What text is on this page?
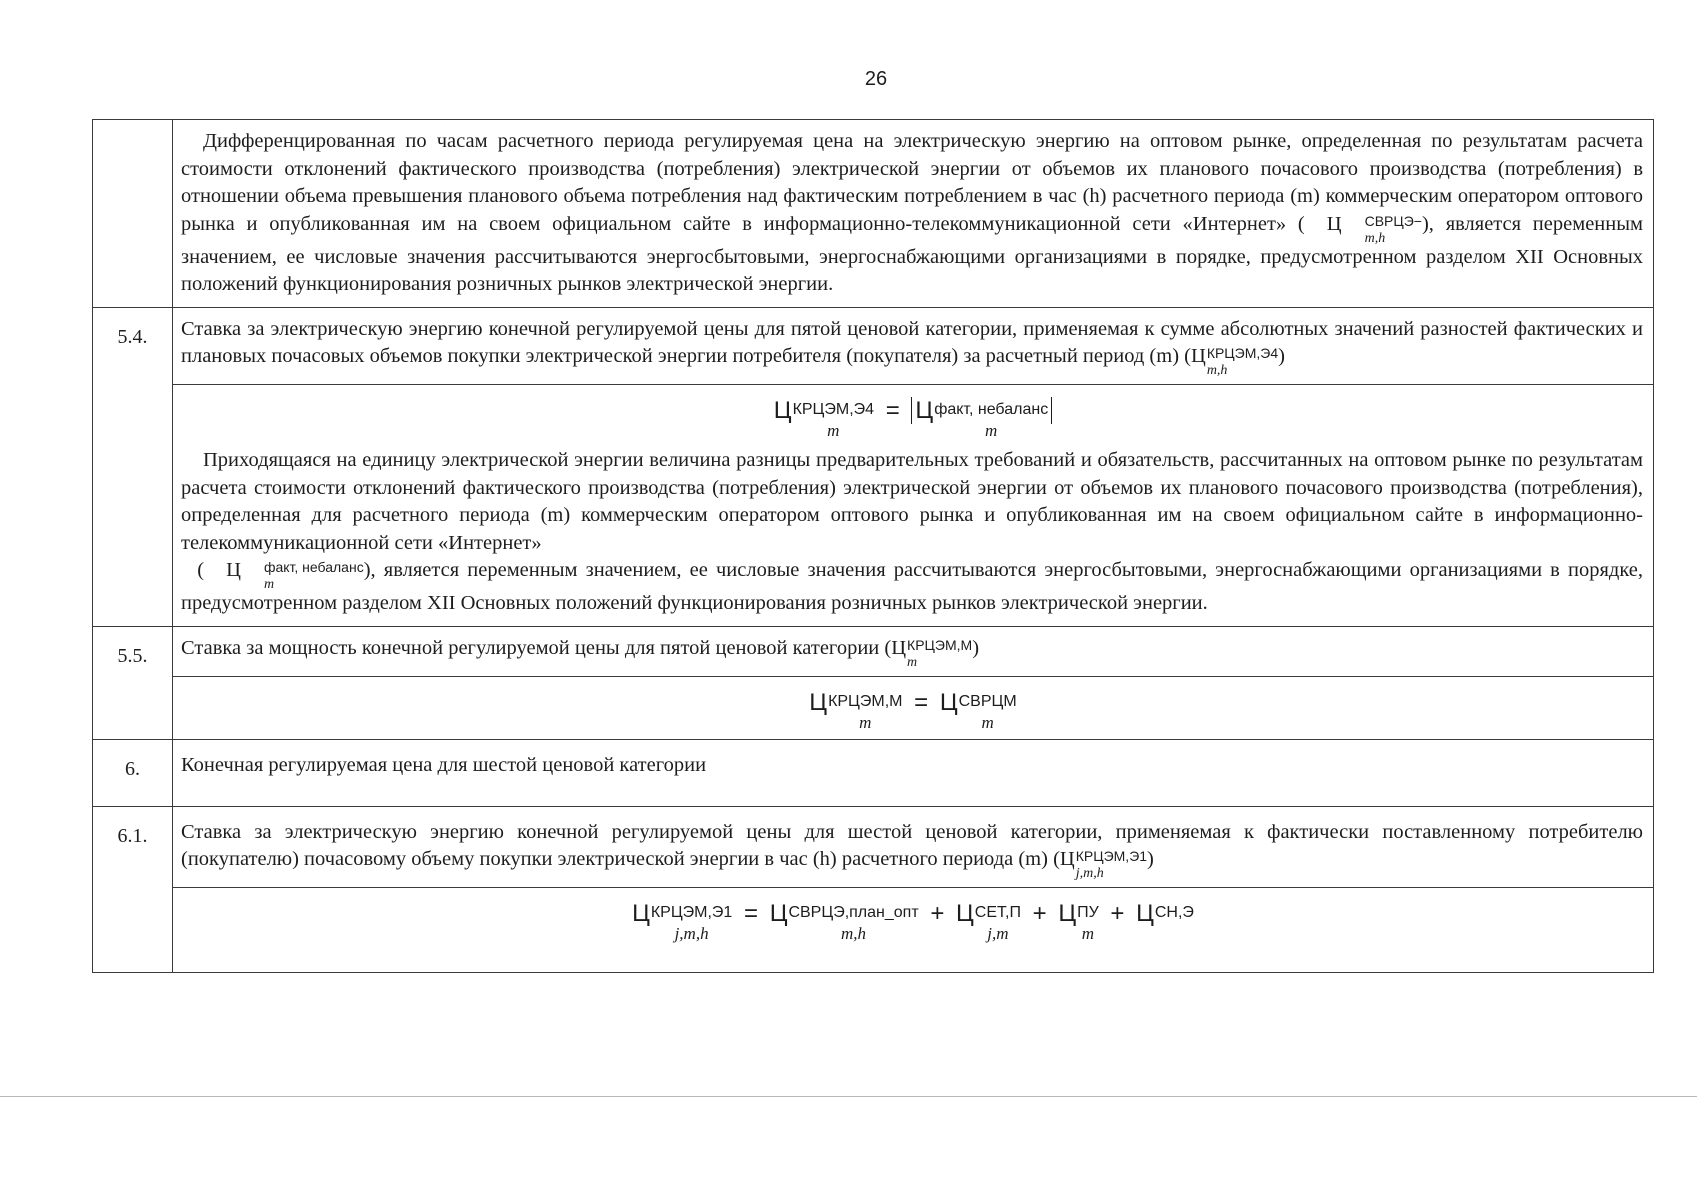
26
Дифференцированная по часам расчетного периода регулируемая цена на электрическую энергию на оптовом рынке, определенная по результатам расчета стоимости отклонений фактического производства (потребления) электрической энергии от объемов их планового почасового производства (потребления) в отношении объема превышения планового объема потребления над фактическим потреблением в час (h) расчетного периода (m) коммерческим оператором оптового рынка и опубликованная им на своем официальном сайте в информационно-телекоммуникационной сети «Интернет» ( Ц	СВРЦЭ−
m,h
), является переменным значением, ее числовые значения рассчитываются энергосбытовыми, энергоснабжающими организациями в порядке, предусмотренном разделом XII Основных положений функционирования розничных рынков электрической энергии.
5.4.	Ставка за электрическую энергию конечной регулируемой цены для пятой ценовой категории, применяемая к сумме абсолютных значений разностей фактических и плановых почасовых объемов покупки электрической энергии потребителя (покупателя) за расчетный период (m) (Ц КРЦЭМ,Э4
m,h
)
Ц КРЦЭМ,Э4
m
= Ц факт, небаланс
m
Приходящаяся на единицу электрической энергии величина разницы предварительных требований и обязательств, рассчитанных на оптовом рынке по результатам расчета стоимости отклонений фактического производства (потребления) электрической энергии от объемов их планового почасового производства (потребления), определенная для расчетного периода (m) коммерческим оператором оптового рынка и опубликованная им на своем официальном сайте в информационно-телекоммуникационной сети «Интернет»
( Ц	факт, небаланс
m
), является переменным значением, ее числовые значения рассчитываются энергосбытовыми, энергоснабжающими организациями в порядке, предусмотренном разделом XII Основных положений функционирования розничных рынков электрической энергии.
5.5.	Ставка за мощность конечной регулируемой цены для пятой ценовой категории (Ц КРЦЭМ,М
m
)
Ц КРЦЭМ,М
m
= Ц СВРЦМ
m
6.	Конечная регулируемая цена для шестой ценовой категории
6.1.	Ставка за электрическую энергию конечной регулируемой цены для шестой ценовой категории, применяемая к фактически поставленному потребителю (покупателю) почасовому объему покупки электрической энергии в час (h) расчетного периода (m) (Ц КРЦЭМ,Э1
j,m,h
)
Ц КРЦЭМ,Э1
j,m,h
= Ц СВРЦЭ,план_опт
m,h
+ Ц СЕТ,П
j,m
+ Ц ПУ
m
+ Ц СН,Э
